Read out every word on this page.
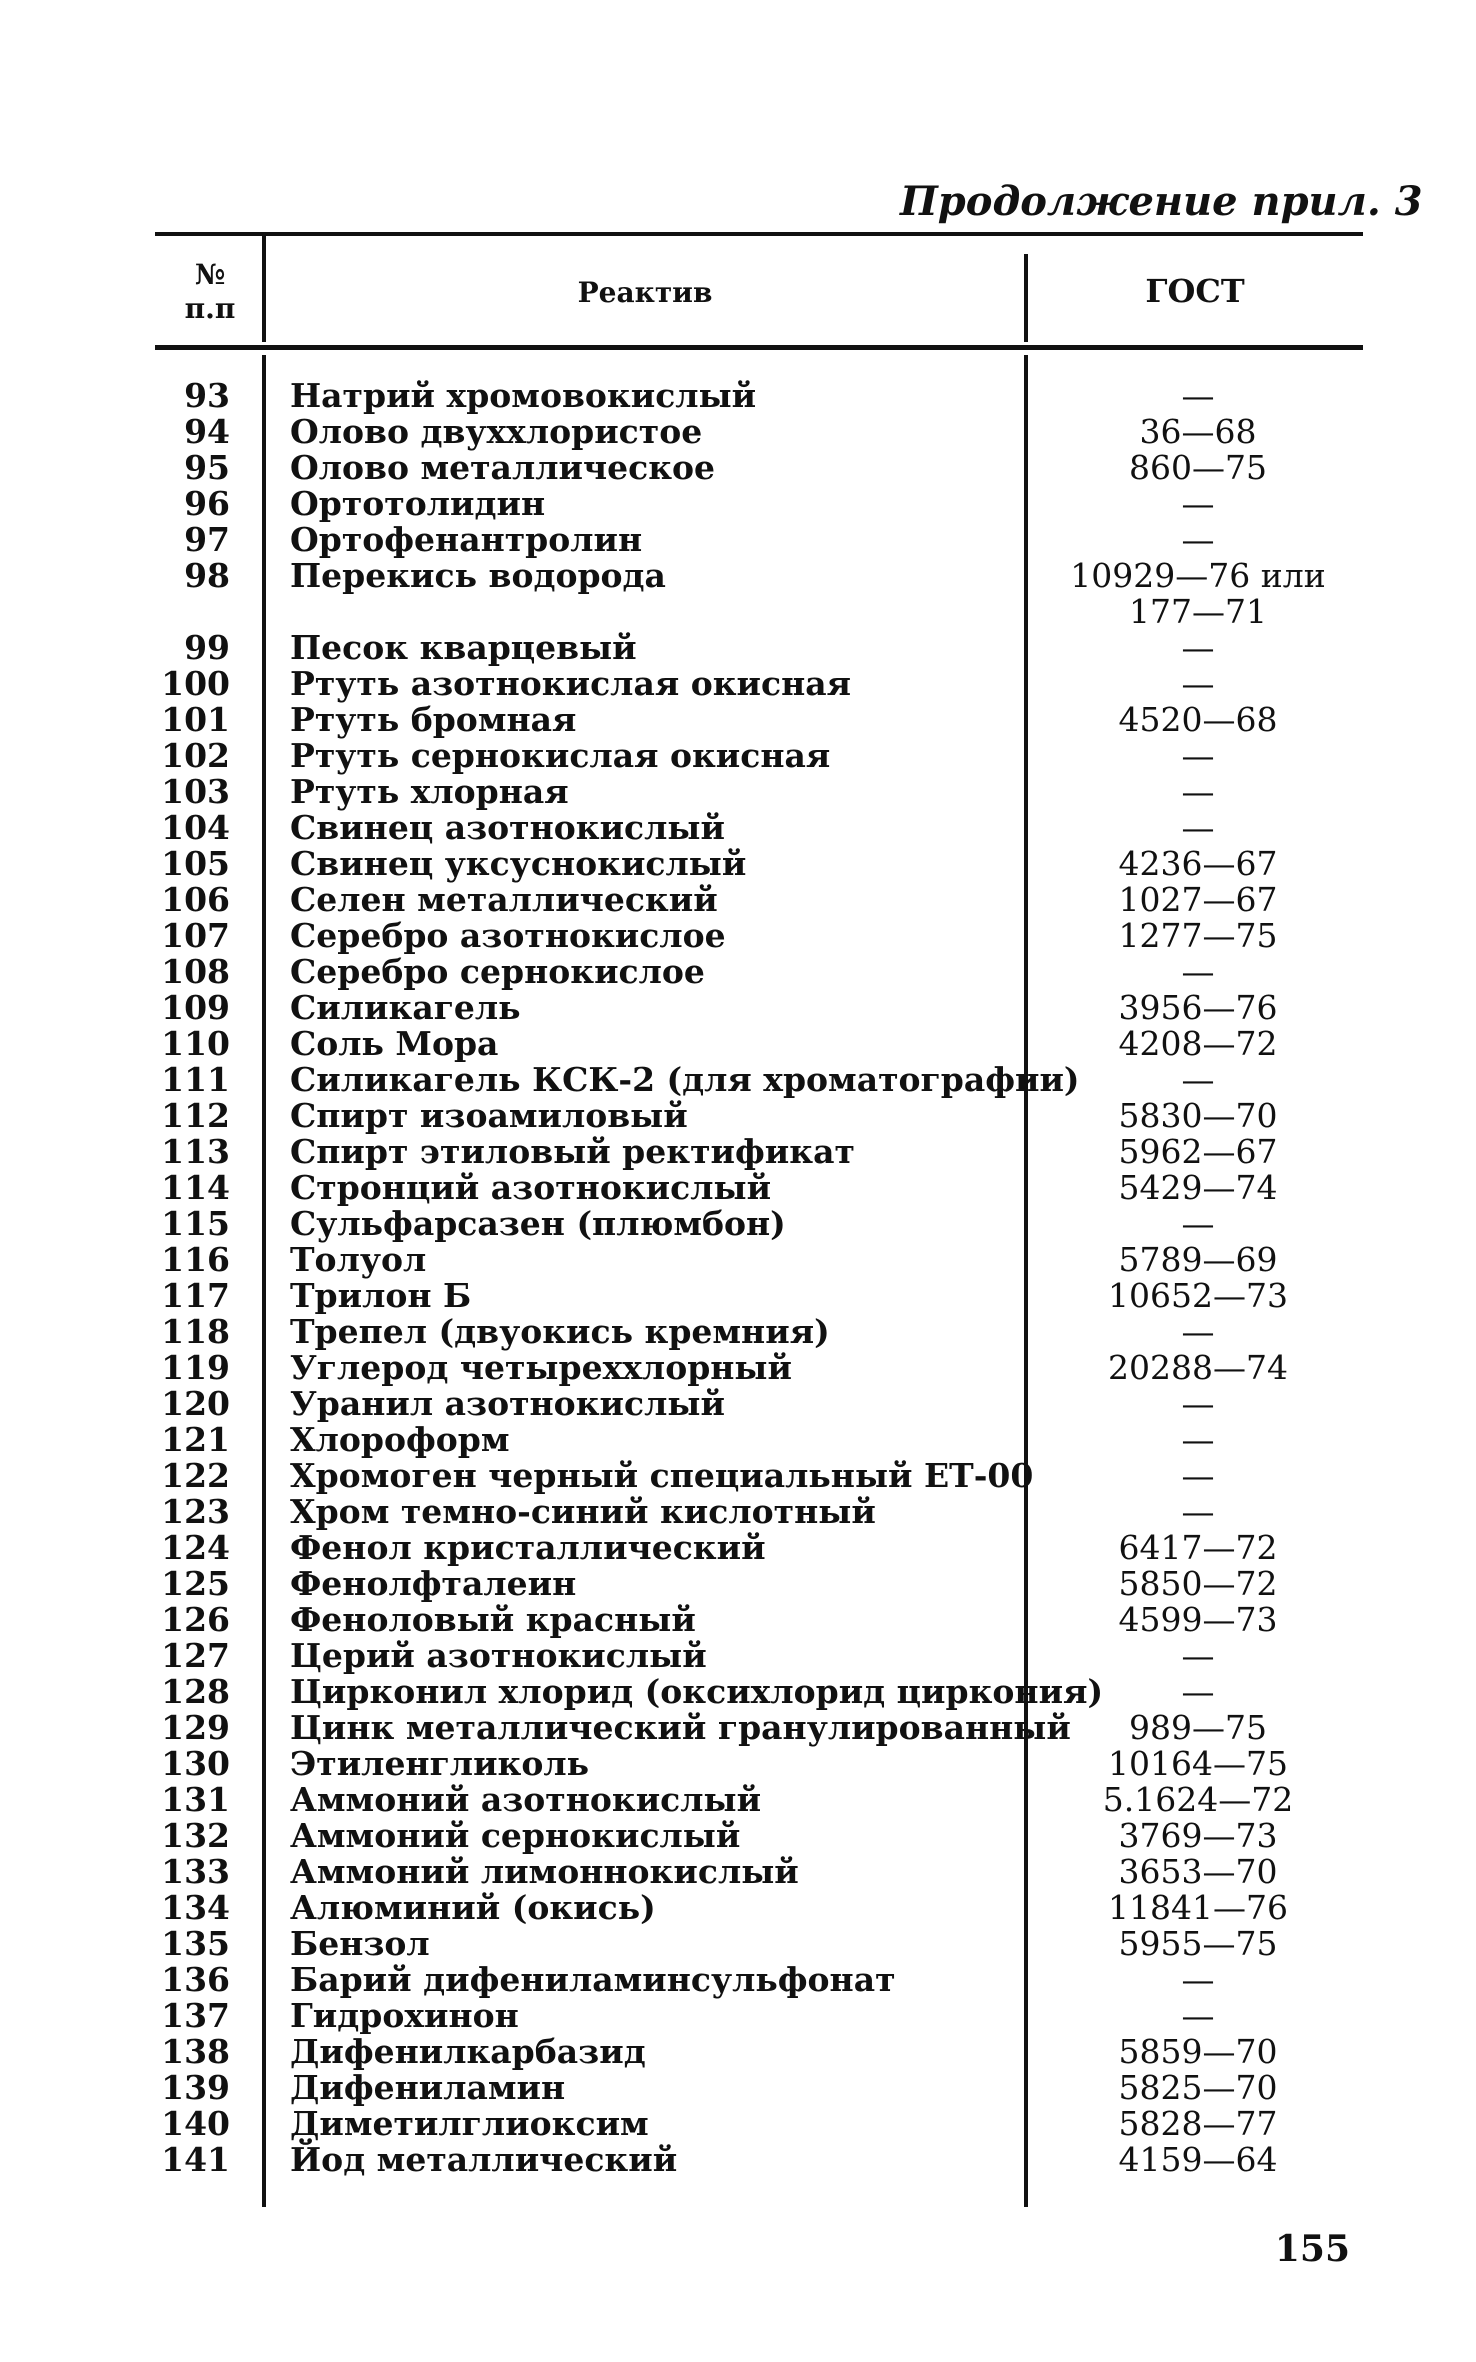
Продолжение прил. 3
№
п.п	Реактив	ГОСТ
93 Натрий хромовокислый	—
94 Олово двуххлористое	36—68
95 Олово металлическое	860—75
96 Ортотолидин	—
97 Ортофенантролин	—
98 Перекись водорода	10929—76 или
177—71
99 Песок кварцевый	—
100 Ртуть азотнокислая окисная	—
101 Ртуть бромная	4520—68
102 Ртуть сернокислая окисная	—
103 Ртуть хлорная	—
104 Свинец азотнокислый	—
105 Свинец уксуснокислый	4236—67
106 Селен металлический	1027—67
107 Серебро азотнокислое	1277—75
108 Серебро сернокислое	—
109 Силикагель	3956—76
110 Соль Мора	4208—72
111 Силикагель КСК-2 (для хроматографии)	—
112 Спирт изоамиловый	5830—70
113 Спирт этиловый ректификат	5962—67
114 Стронций азотнокислый	5429—74
115 Сульфарсазен (плюмбон)	—
116 Толуол	5789—69
117 Трилон Б	10652—73
118 Трепел (двуокись кремния)	—
119 Углерод четыреххлорный	20288—74
120 Уранил азотнокислый	—
121 Хлороформ	—
122 Хромоген черный специальный ЕТ-00	—
123 Хром темно-синий кислотный	—
124 Фенол кристаллический	6417—72
125 Фенолфталеин	5850—72
126 Феноловый красный	4599—73
127 Церий азотнокислый	—
128 Цирконил хлорид (оксихлорид циркония)	—
129 Цинк металлический гранулированный	989—75
130 Этиленгликоль	10164—75
131 Аммоний азотнокислый	5.1624—72
132 Аммоний сернокислый	3769—73
133 Аммоний лимоннокислый	3653—70
134 Алюминий (окись)	11841—76
135 Бензол	5955—75
136 Барий дифениламинсульфонат	—
137 Гидрохинон	—
138 Дифенилкарбазид	5859—70
139 Дифениламин	5825—70
140 Диметилглиоксим	5828—77
141 Йод металлический	4159—64
155
